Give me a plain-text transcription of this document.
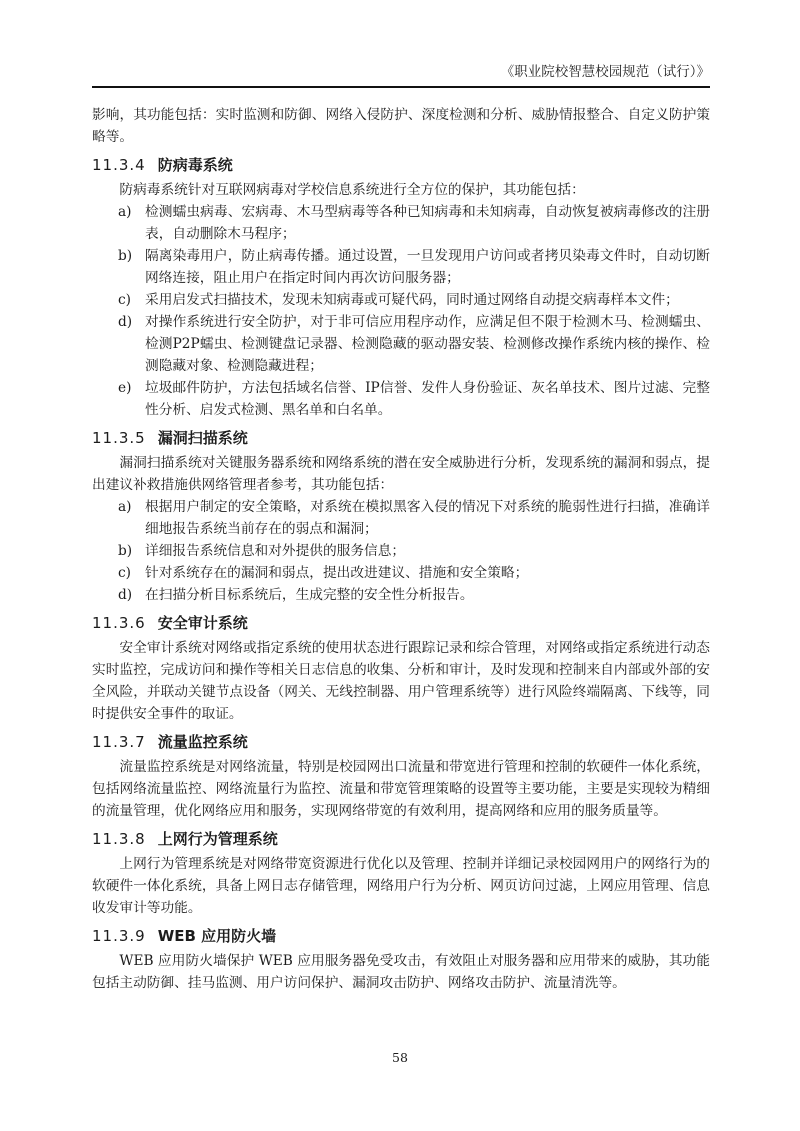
《职业院校智慧校园规范（试行）》

影响，其功能包括：实时监测和防御、网络入侵防护、深度检测和分析、威胁情报整合、自定义防护策略等。

11.3.4 防病毒系统

防病毒系统针对互联网病毒对学校信息系统进行全方位的保护，其功能包括：

a) 检测蠕虫病毒、宏病毒、木马型病毒等各种已知病毒和未知病毒，自动恢复被病毒修改的注册表，自动删除木马程序；
b) 隔离染毒用户，防止病毒传播。通过设置，一旦发现用户访问或者拷贝染毒文件时，自动切断网络连接，阻止用户在指定时间内再次访问服务器；
c)	采用启发式扫描技术，发现未知病毒或可疑代码，同时通过网络自动提交病毒样本文件；
d) 对操作系统进行安全防护，对于非可信应用程序动作，应满足但不限于检测木马、检测蠕虫、检测P2P蠕虫、检测键盘记录器、检测隐藏的驱动器安装、检测修改操作系统内核的操作、检测隐藏对象、检测隐藏进程；
e) 垃圾邮件防护，方法包括域名信誉、IP信誉、发件人身份验证、灰名单技术、图片过滤、完整性分析、启发式检测、黑名单和白名单。
11.3.5 漏洞扫描系统

漏洞扫描系统对关键服务器系统和网络系统的潜在安全威胁进行分析，发现系统的漏洞和弱点，提出建议补救措施供网络管理者参考，其功能包括：

a) 根据用户制定的安全策略，对系统在模拟黑客入侵的情况下对系统的脆弱性进行扫描，准确详细地报告系统当前存在的弱点和漏洞；
b) 详细报告系统信息和对外提供的服务信息；
c)	针对系统存在的漏洞和弱点，提出改进建议、措施和安全策略；
d) 在扫描分析目标系统后，生成完整的安全性分析报告。
11.3.6 安全审计系统

安全审计系统对网络或指定系统的使用状态进行跟踪记录和综合管理，对网络或指定系统进行动态实时监控，完成访问和操作等相关日志信息的收集、分析和审计，及时发现和控制来自内部或外部的安全风险，并联动关键节点设备（网关、无线控制器、用户管理系统等）进行风险终端隔离、下线等，同时提供安全事件的取证。

11.3.7 流量监控系统

流量监控系统是对网络流量，特别是校园网出口流量和带宽进行管理和控制的软硬件一体化系统，包括网络流量监控、网络流量行为监控、流量和带宽管理策略的设置等主要功能，主要是实现较为精细的流量管理，优化网络应用和服务，实现网络带宽的有效利用，提高网络和应用的服务质量等。

11.3.8 上网行为管理系统

上网行为管理系统是对网络带宽资源进行优化以及管理、控制并详细记录校园网用户的网络行为的软硬件一体化系统，具备上网日志存储管理，网络用户行为分析、网页访问过滤，上网应用管理、信息收发审计等功能。

11.3.9 WEB 应用防火墙

WEB 应用防火墙保护 WEB 应用服务器免受攻击，有效阻止对服务器和应用带来的威胁，其功能包括主动防御、挂马监测、用户访问保护、漏洞攻击防护、网络攻击防护、流量清洗等。

58
